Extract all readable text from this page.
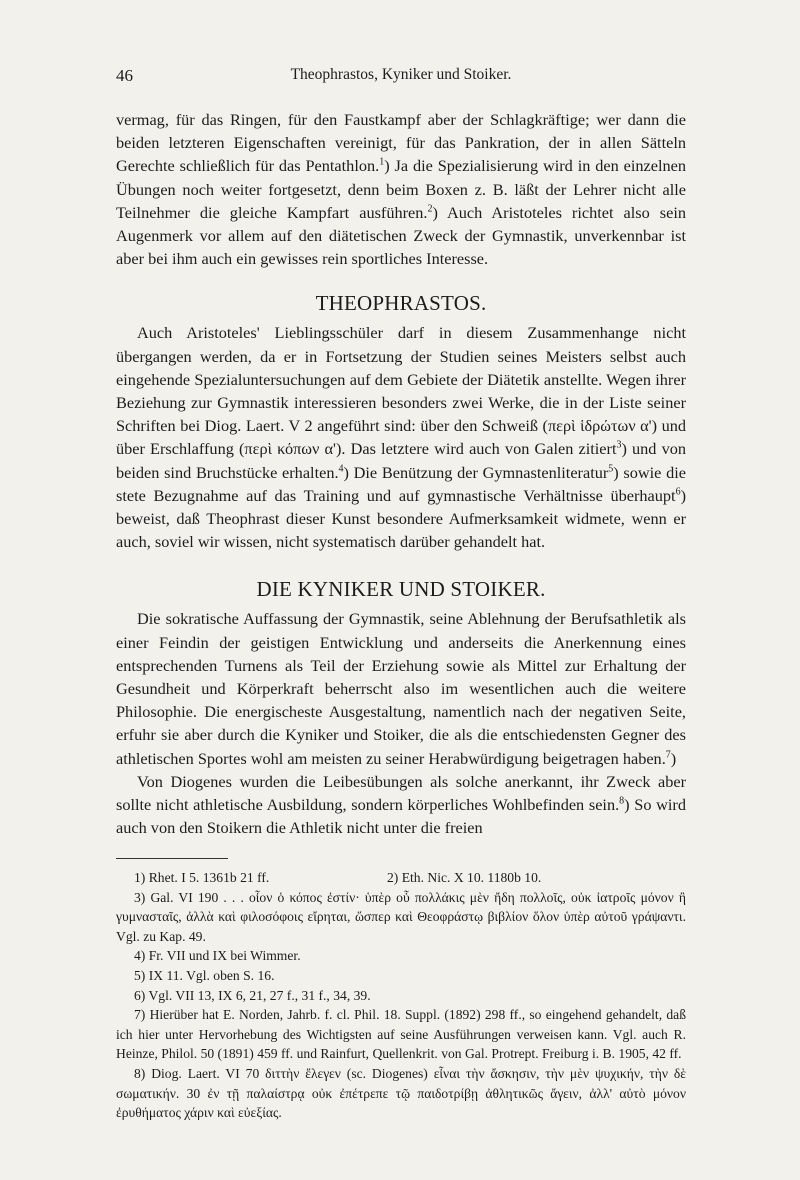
46	Theophrastos, Kyniker und Stoiker.

vermag, für das Ringen, für den Faustkampf aber der Schlagkräftige; wer dann die beiden letzteren Eigenschaften vereinigt, für das Pankration, der in allen Sätteln Gerechte schließlich für das Pentathlon.$^1$) Ja die Spezialisierung wird in den einzelnen Übungen noch weiter fortgesetzt, denn beim Boxen z. B. läßt der Lehrer nicht alle Teilnehmer die gleiche Kampfart ausführen.$^2$) Auch Aristoteles richtet also sein Augenmerk vor allem auf den diätetischen Zweck der Gymnastik, unverkennbar ist aber bei ihm auch ein gewisses rein sportliches Interesse.

THEOPHRASTOS.

Auch Aristoteles' Lieblingsschüler darf in diesem Zusammenhange nicht übergangen werden, da er in Fortsetzung der Studien seines Meisters selbst auch eingehende Spezialuntersuchungen auf dem Gebiete der Diätetik anstellte. Wegen ihrer Beziehung zur Gymnastik interessieren besonders zwei Werke, die in der Liste seiner Schriften bei Diog. Laert. V 2 angeführt sind: über den Schweiß (περὶ ἱδρώτων α') und über Erschlaffung (περὶ κόπων α'). Das letztere wird auch von Galen zitiert$^3$) und von beiden sind Bruchstücke erhalten.$^4$) Die Benützung der Gymnastenliteratur$^5$) sowie die stete Bezugnahme auf das Training und auf gymnastische Verhältnisse überhaupt$^6$) beweist, daß Theophrast dieser Kunst besondere Aufmerksamkeit widmete, wenn er auch, soviel wir wissen, nicht systematisch darüber gehandelt hat.

DIE KYNIKER UND STOIKER.

Die sokratische Auffassung der Gymnastik, seine Ablehnung der Berufsathletik als einer Feindin der geistigen Entwicklung und anderseits die Anerkennung eines entsprechenden Turnens als Teil der Erziehung sowie als Mittel zur Erhaltung der Gesundheit und Körperkraft beherrscht also im wesentlichen auch die weitere Philosophie. Die energischeste Ausgestaltung, namentlich nach der negativen Seite, erfuhr sie aber durch die Kyniker und Stoiker, die als die entschiedensten Gegner des athletischen Sportes wohl am meisten zu seiner Herabwürdigung beigetragen haben.$^7$)

Von Diogenes wurden die Leibesübungen als solche anerkannt, ihr Zweck aber sollte nicht athletische Ausbildung, sondern körperliches Wohlbefinden sein.$^8$) So wird auch von den Stoikern die Athletik nicht unter die freien

1) Rhet. I 5. 1361b 21 ff.	2) Eth. Nic. X 10. 1180b 10.

3) Gal. VI 190 . . . οἷον ὁ κόπος ἐστίν· ὑπὲρ οὗ πολλάκις μὲν ἤδη πολλοῖς, οὐκ ἰατροῖς μόνον ἢ γυμνασταῖς, ἀλλὰ καὶ φιλοσόφοις εἴρηται, ὥσπερ καὶ Θεοφράστῳ βιβλίον ὅλον ὑπὲρ αὐτοῦ γράψαντι. Vgl. zu Kap. 49.

4) Fr. VII und IX bei Wimmer.

5) IX 11. Vgl. oben S. 16.

6) Vgl. VII 13, IX 6, 21, 27 f., 31 f., 34, 39.

7) Hierüber hat E. Norden, Jahrb. f. cl. Phil. 18. Suppl. (1892) 298 ff., so eingehend gehandelt, daß ich hier unter Hervorhebung des Wichtigsten auf seine Ausführungen verweisen kann. Vgl. auch R. Heinze, Philol. 50 (1891) 459 ff. und Rainfurt, Quellenkrit. von Gal. Protrept. Freiburg i. B. 1905, 42 ff.

8) Diog. Laert. VI 70 διττὴν ἔλεγεν (sc. Diogenes) εἶναι τὴν ἄσκησιν, τὴν μὲν ψυχικήν, τὴν δὲ σωματικήν. 30 ἐν τῇ παλαίστρᾳ οὐκ ἐπέτρεπε τῷ παιδοτρίβῃ ἀθλητικῶς ἄγειν, ἀλλ' αὐτὸ μόνον ἐρυθήματος χάριν καὶ εὐεξίας.
